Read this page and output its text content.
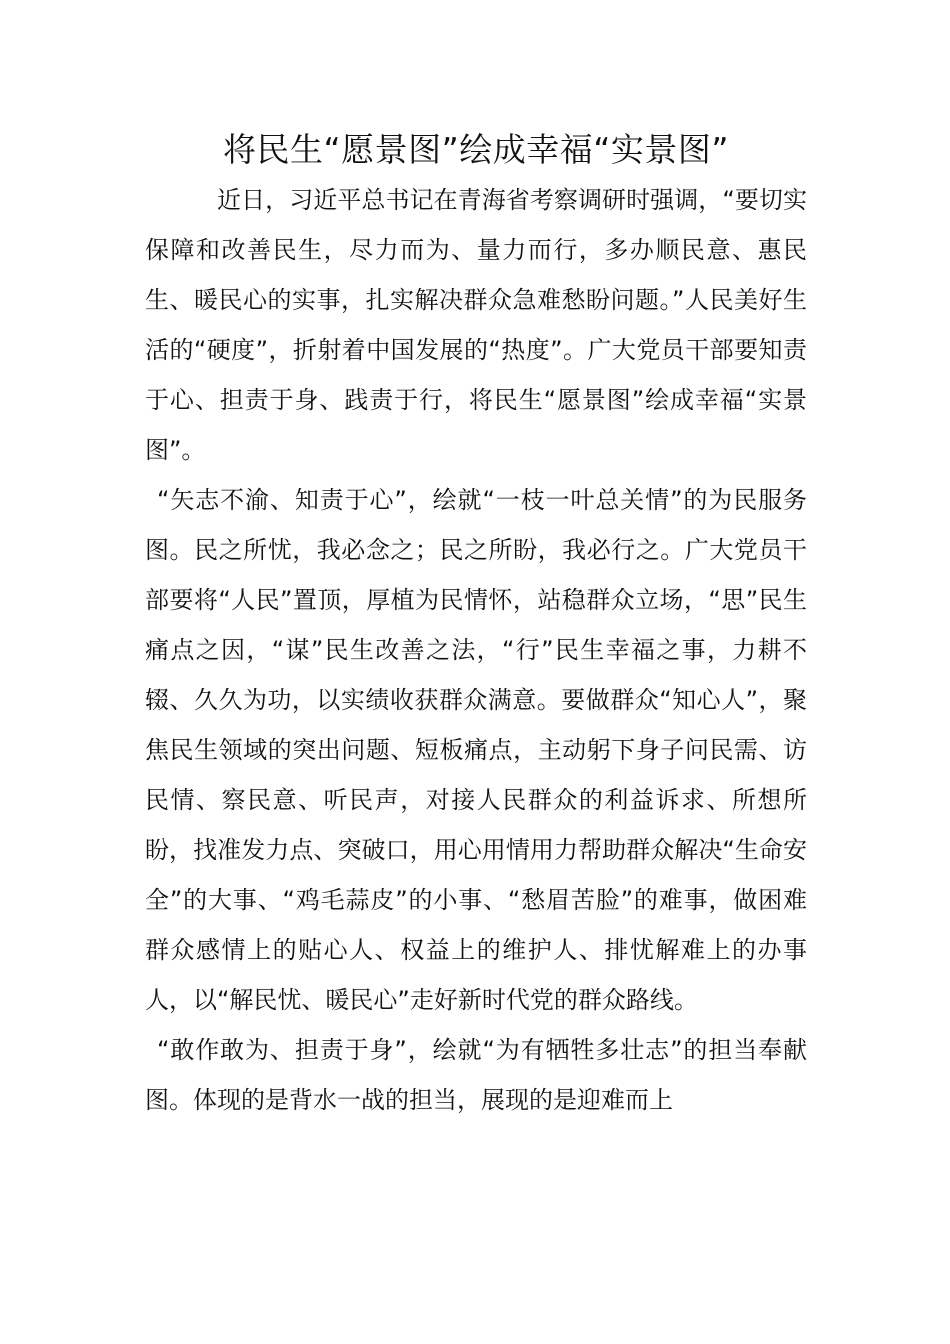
将民生“愿景图”绘成幸福“实景图”

近日，习近平总书记在青海省考察调研时强调，“要切实保障和改善民生，尽力而为、量力而行，多办顺民意、惠民生、暖民心的实事，扎实解决群众急难愁盼问题。”人民美好生活的“硬度”，折射着中国发展的“热度”。广大党员干部要知责于心、担责于身、践责于行，将民生“愿景图”绘成幸福“实景图”。

“矢志不渝、知责于心”，绘就“一枝一叶总关情”的为民服务图。民之所忧，我必念之；民之所盼，我必行之。广大党员干部要将“人民”置顶，厚植为民情怀，站稳群众立场，“思”民生痛点之因，“谋”民生改善之法，“行”民生幸福之事，力耕不辍、久久为功，以实绩收获群众满意。要做群众“知心人”，聚焦民生领域的突出问题、短板痛点，主动躬下身子问民需、访民情、察民意、听民声，对接人民群众的利益诉求、所想所盼，找准发力点、突破口，用心用情用力帮助群众解决“生命安全”的大事、“鸡毛蒜皮”的小事、“愁眉苦脸”的难事，做困难群众感情上的贴心人、权益上的维护人、排忧解难上的办事人，以“解民忧、暖民心”走好新时代党的群众路线。

“敢作敢为、担责于身”，绘就“为有牺牲多壮志”的担当奉献图。体现的是背水一战的担当，展现的是迎难而上
